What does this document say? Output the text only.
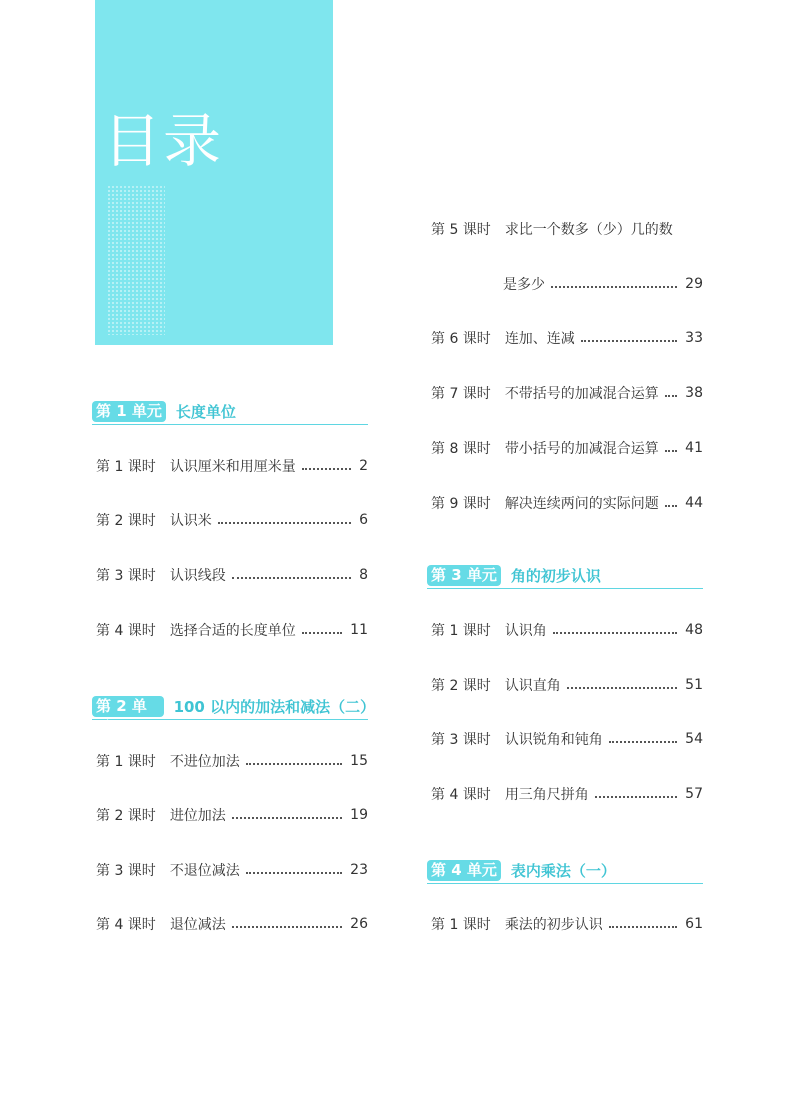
目录
第 1 单元 长度单位
第 1 课时 认识厘米和用厘米量	2
第 2 课时 认识米	6
第 3 课时 认识线段	8
第 4 课时 选择合适的长度单位	11
第 2 单元
100 以内的加法和减法（二）
第 1 课时 不进位加法	15
第 2 课时 进位加法	19
第 3 课时 不退位减法	23
第 4 课时 退位减法	26
第 5 课时 求比一个数多（少）几的数
是多少	29
第 6 课时 连加、连减	33
第 7 课时 不带括号的加减混合运算 38
第 8 课时 带小括号的加减混合运算 41
第 9 课时 解决连续两问的实际问题 44
第 3 单元 角的初步认识
第 1 课时 认识角	48
第 2 课时 认识直角	51
第 3 课时 认识锐角和钝角	54
第 4 课时 用三角尺拼角	57
第 4 单元 表内乘法（一）
第 1 课时 乘法的初步认识	61
